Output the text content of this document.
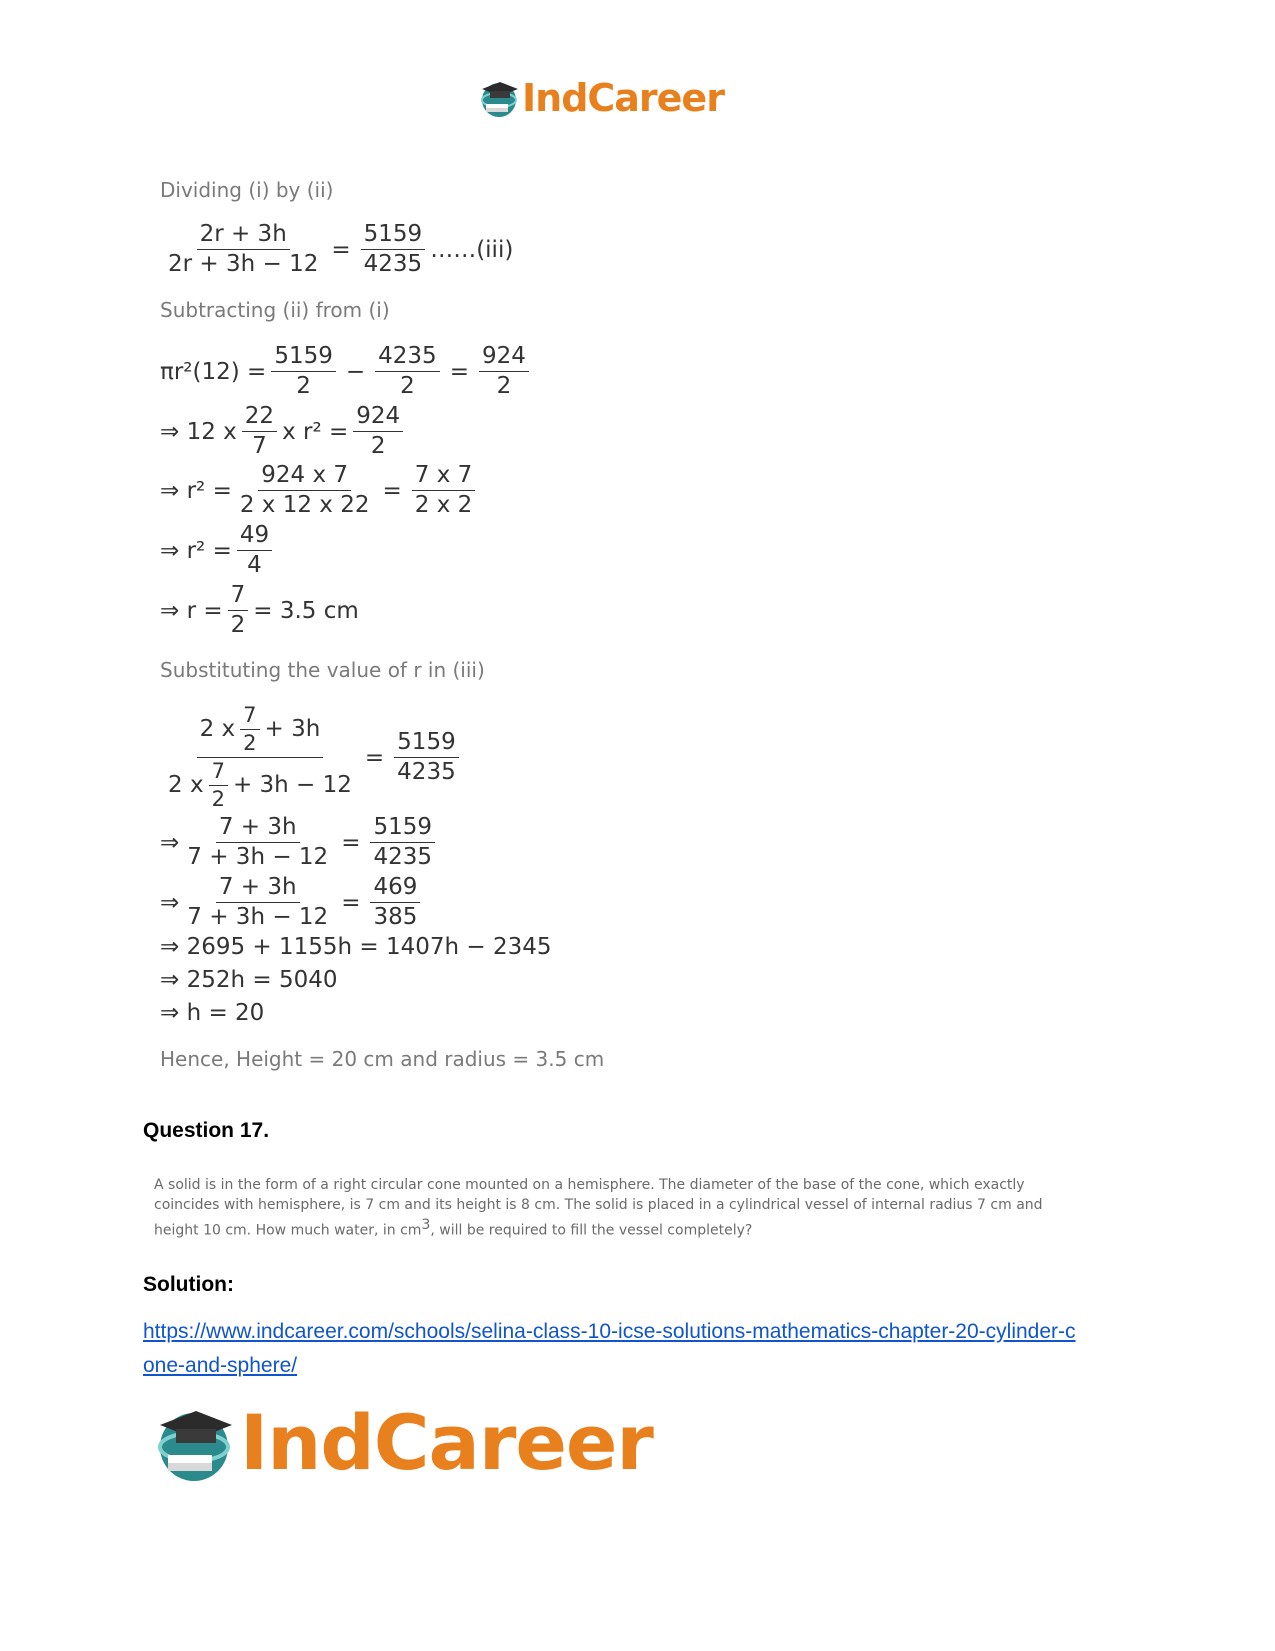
IndCareer
Dividing (i) by (ii)
$\frac{2r + 3h}{2r + 3h - 12} = \frac{5159}{4235}$ ……(iii)
Subtracting (ii) from (i)
$\pi r^2(12) = \frac{5159}{2} - \frac{4235}{2} = \frac{924}{2}$
⇒ 12 x $\frac{22}{7}$ x $r^2 = \frac{924}{2}$
⇒ $r^2 = \frac{924 x 7}{2 x 12 x 22} = \frac{7 x 7}{2 x 2}$
⇒ $r^2 = \frac{49}{4}$
⇒ $r = \frac{7}{2} = 3.5$ cm
Substituting the value of r in (iii)
$\frac{2 x \frac{7}{2} + 3h}{2 x \frac{7}{2} + 3h - 12} = \frac{5159}{4235}$
⇒ $\frac{7 + 3h}{7 + 3h - 12} = \frac{5159}{4235}$
⇒ $\frac{7 + 3h}{7 + 3h - 12} = \frac{469}{385}$
⇒ 2695 + 1155h = 1407h − 2345
⇒ 252h = 5040
⇒ h = 20
Hence, Height = 20 cm and radius = 3.5 cm
Question 17.
A solid is in the form of a right circular cone mounted on a hemisphere. The diameter of the base of the cone, which exactly coincides with hemisphere, is 7 cm and its height is 8 cm. The solid is placed in a cylindrical vessel of internal radius 7 cm and height 10 cm. How much water, in $cm^3$, will be required to fill the vessel completely?
Solution:
https://www.indcareer.com/schools/selina-class-10-icse-solutions-mathematics-chapter-20-cylinder-cone-and-sphere/
IndCareer
